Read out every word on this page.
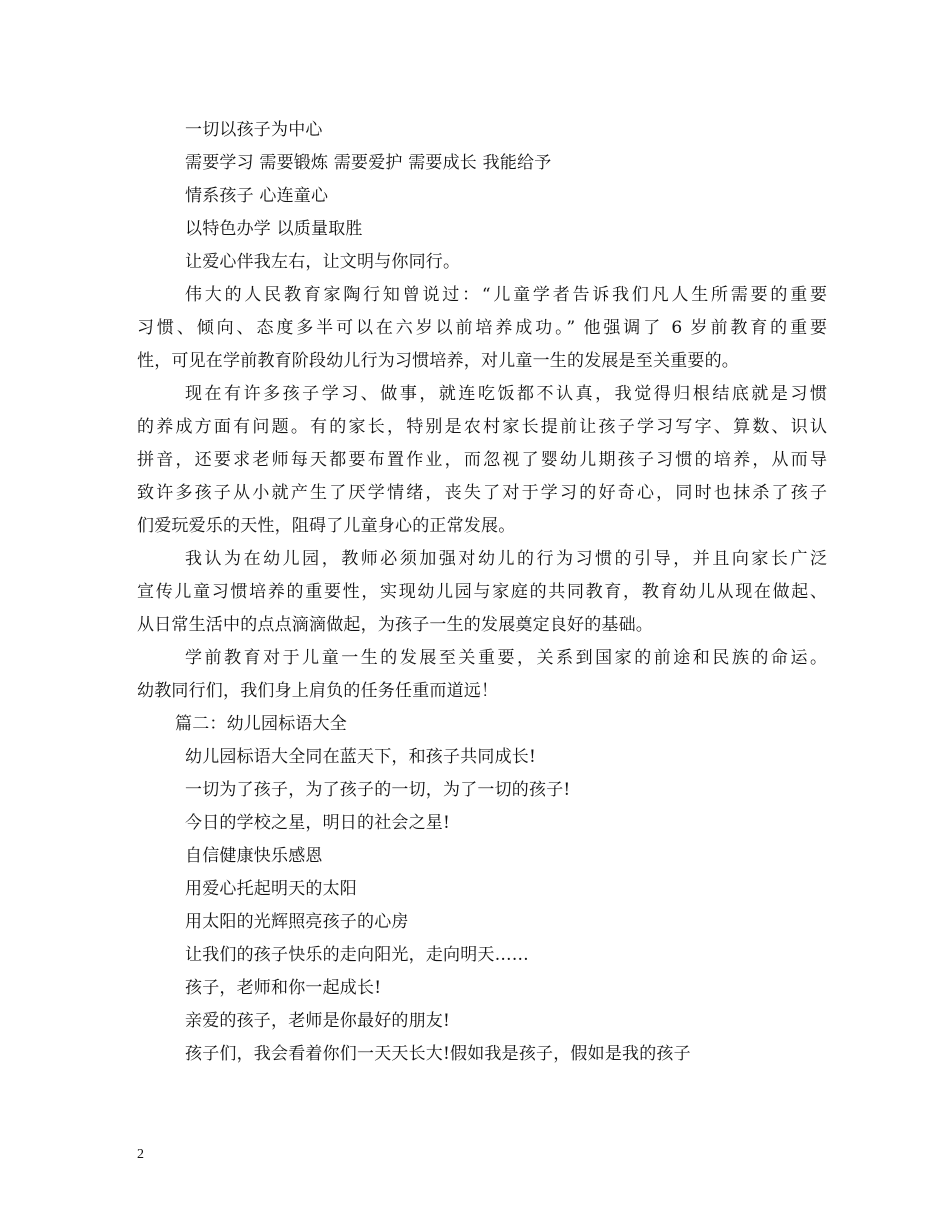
一切以孩子为中心
需要学习 需要锻炼 需要爱护 需要成长 我能给予
情系孩子 心连童心
以特色办学 以质量取胜
让爱心伴我左右，让文明与你同行。
伟大的人民教育家陶行知曾说过：“儿童学者告诉我们凡人生所需要的重要
习惯、倾向、态度多半可以在六岁以前培养成功。” 他强调了 6 岁前教育的重要
性，可见在学前教育阶段幼儿行为习惯培养，对儿童一生的发展是至关重要的。
现在有许多孩子学习、做事，就连吃饭都不认真，我觉得归根结底就是习惯
的养成方面有问题。有的家长，特别是农村家长提前让孩子学习写字、算数、识认
拼音，还要求老师每天都要布置作业，而忽视了婴幼儿期孩子习惯的培养，从而导
致许多孩子从小就产生了厌学情绪，丧失了对于学习的好奇心，同时也抹杀了孩子
们爱玩爱乐的天性，阻碍了儿童身心的正常发展。
我认为在幼儿园，教师必须加强对幼儿的行为习惯的引导，并且向家长广泛
宣传儿童习惯培养的重要性，实现幼儿园与家庭的共同教育，教育幼儿从现在做起、
从日常生活中的点点滴滴做起，为孩子一生的发展奠定良好的基础。
学前教育对于儿童一生的发展至关重要，关系到国家的前途和民族的命运。
幼教同行们，我们身上肩负的任务任重而道远！
篇二：幼儿园标语大全
幼儿园标语大全同在蓝天下，和孩子共同成长!
一切为了孩子，为了孩子的一切，为了一切的孩子!
今日的学校之星，明日的社会之星!
自信健康快乐感恩
用爱心托起明天的太阳
用太阳的光辉照亮孩子的心房
让我们的孩子快乐的走向阳光，走向明天……
孩子，老师和你一起成长!
亲爱的孩子，老师是你最好的朋友!
孩子们，我会看着你们一天天长大!假如我是孩子，假如是我的孩子
2
